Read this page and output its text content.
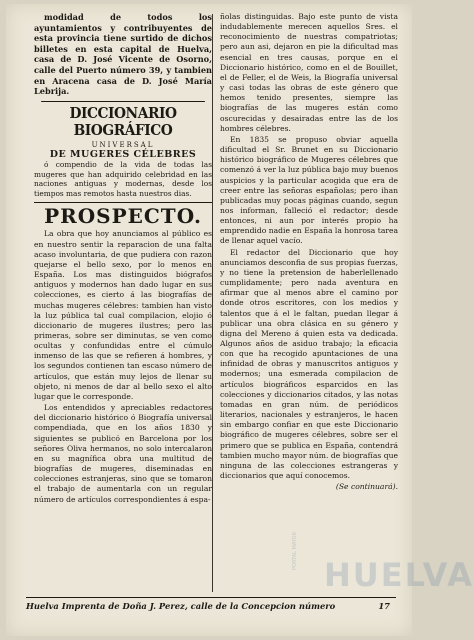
modidad de todos los ayuntamientos y contribuyentes de esta provincia tiene surtido de dichos billetes en esta capital de Huelva, casa de D. José Vicente de Osorno, calle del Puerto número 39, y tambien en Aracena casa de D. José María Lebrija.

DICCIONARIO BIOGRÁFICO
UNIVERSAL
DE MUGERES CÉLEBRES

ó compendio de la vida de todas las mugeres que han adquirido celebridad en las naciones antiguas y modernas, desde los tiempos mas remotos hasta nuestros dias.

PROSPECTO.

La obra que hoy anunciamos al público es en nuestro sentir la reparacion de una falta acaso involuntaria, de que pudiera con razon quejarse el bello sexo, por lo menos en España. Los mas distinguidos biógrafos antiguos y modernos han dado lugar en sus colecciones, es cierto á las biografías de muchas mugeres célebres: tambien han visto la luz pública tal cual compilacion, elojio ó diccionario de mugeres ilustres; pero las primeras, sobre ser diminutas, se ven como ocultas y confundidas entre el cúmulo inmenso de las que se refieren á hombres, y los segundos contienen tan escaso número de artículos, que están muy lejos de llenar su objeto, ni menos de dar al bello sexo el alto lugar que le corresponde.

Los entendidos y apreciables redactores del diccionario histórico ó Biografía universal compendiada, que en los años 1830 y siguientes se publicó en Barcelona por los señores Oliva hermanos, no solo intercalaron en su magnífica obra una multitud de biografías de mugeres, diseminadas en colecciones estranjeras, sino que se tomaron el trabajo de aumentarla con un regular número de artículos correspondientes á espa-

ñolas distinguidas. Bajo este punto de vista indudablemente merecen aquellos Sres. el reconocimiento de nuestras compatriotas; pero aun asi, dejaron en pie la dificultad mas esencial en tres causas, porque en el Diccionario histórico, como en el de Bouillet, el de Feller, el de Weis, la Biografía universal y casi todas las obras de este género que hemos tenido presentes, siempre las biografías de las mugeres están como oscurecidas y desairadas entre las de los hombres célebres.

En 1835 se propuso obviar aquella dificultad el Sr. Brunet en su Diccionario histórico biográfico de Mugeres célebres que comenzó á ver la luz pública bajo muy buenos auspicios y la particular acogida que era de creer entre las señoras españolas; pero ihan publicadas muy pocas páginas cuando, segun nos informan, falleció el redactor; desde entonces, ni aun por interés propio ha emprendido nadie en España la honrosa tarea de llenar aquel vacío.

El redactor del Diccionario que hoy anunciamos desconfia de sus propias fuerzas, y no tiene la pretension de haberlellenado cumplidamente; pero nada aventura en afirmar que al menos abre el camino por donde otros escritores, con los medios y talentos que á el le faltan, puedan llegar á publicar una obra clásica en su género y digna del Mereno á quien esta va dedicada. Algunos años de asiduo trabajo; la eficacia con que ha recogido apuntaciones de una infinidad de obras y manuscritos antiguos y modernos; una esmerada compilacion de artículos biográficos esparcidos en las colecciones y diccionarios citados, y las notas tomadas en gran núm. de periódicos literarios, nacionales y estranjeros, le hacen sin embargo confiar en que este Diccionario biográfico de mugeres célebres, sobre ser el primero que se publica en España, contendrá tambien mucho mayor núm. de biografías que ninguna de las colecciones estrangeras y diccionarios que aquí conocemos.

(Se continuará).

Huelva Imprenta de Doña J. Perez, calle de la Concepcion número	17
PORTAL MAYOR
HUELVA
